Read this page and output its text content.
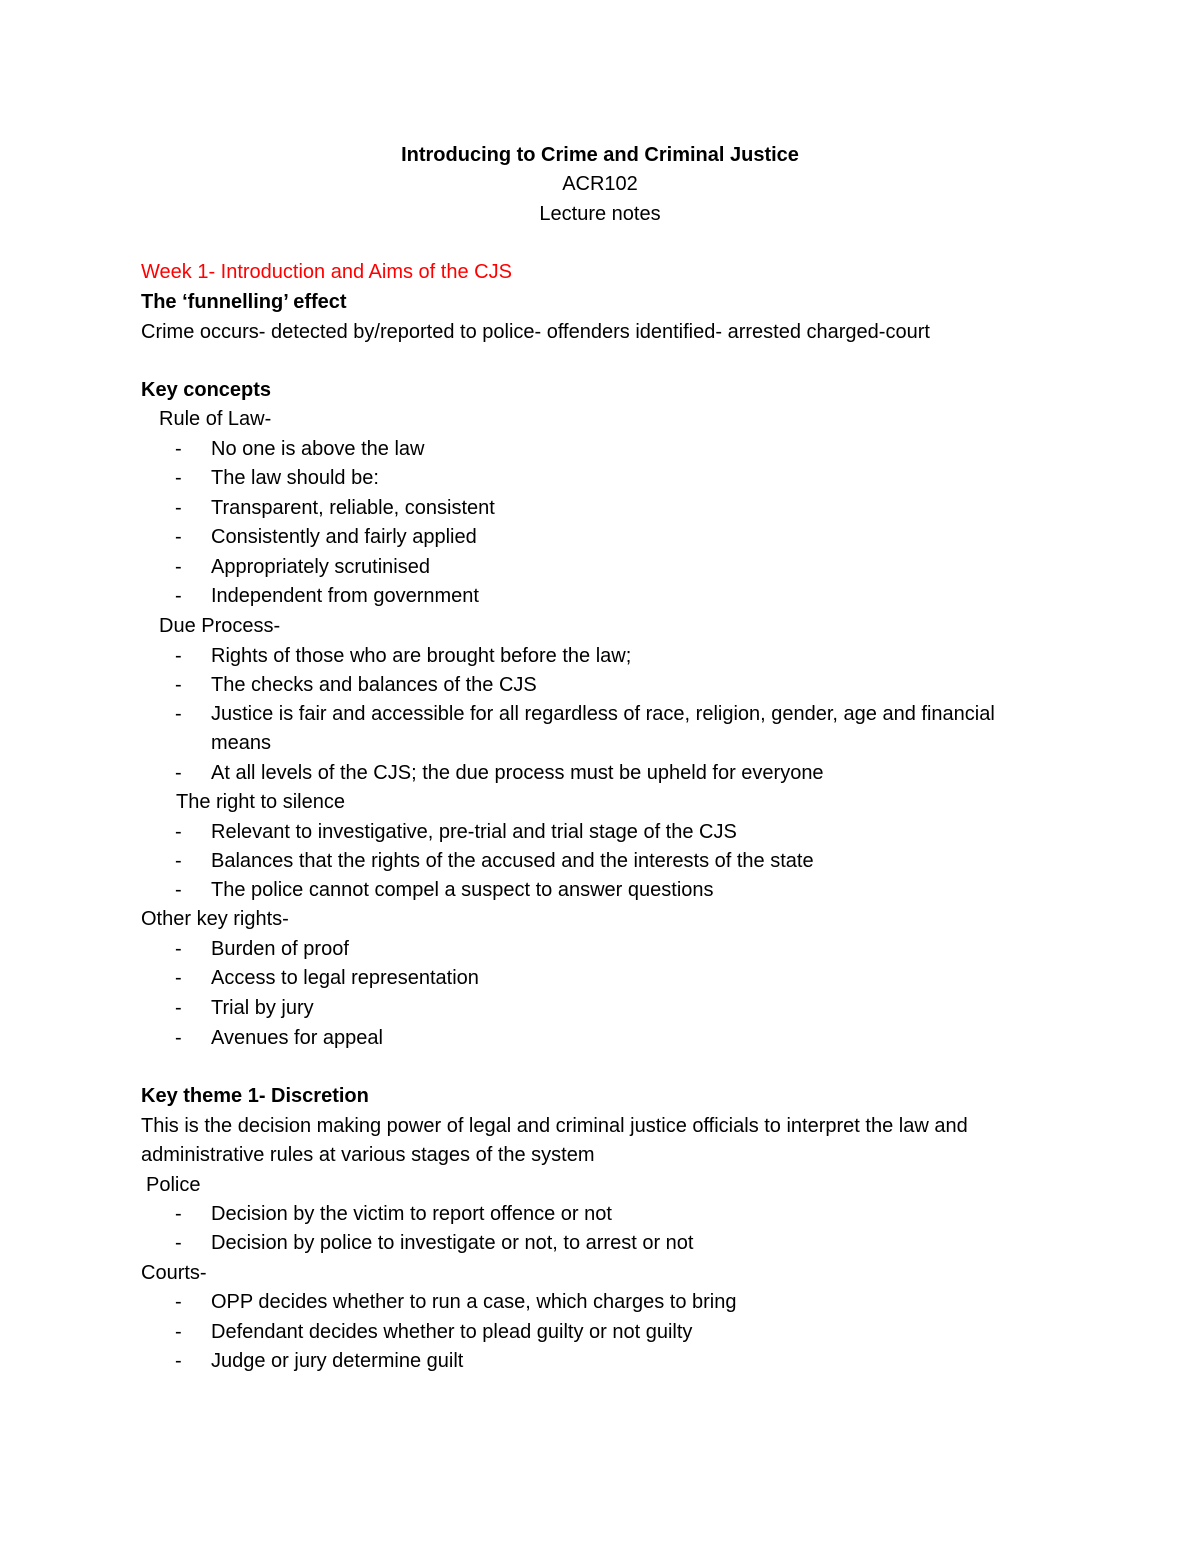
Introducing to Crime and Criminal Justice
ACR102
Lecture notes
Week 1- Introduction and Aims of the CJS
The ‘funnelling’ effect
Crime occurs- detected by/reported to police- offenders identified- arrested charged-court
Key concepts
Rule of Law-
- No one is above the law
- The law should be:
- Transparent, reliable, consistent
- Consistently and fairly applied
- Appropriately scrutinised
- Independent from government
Due Process-
- Rights of those who are brought before the law;
- The checks and balances of the CJS
- Justice is fair and accessible for all regardless of race, religion, gender, age and financial
means
- At all levels of the CJS; the due process must be upheld for everyone
The right to silence
- Relevant to investigative, pre-trial and trial stage of the CJS
- Balances that the rights of the accused and the interests of the state
- The police cannot compel a suspect to answer questions
Other key rights-
- Burden of proof
- Access to legal representation
- Trial by jury
- Avenues for appeal
Key theme 1- Discretion
This is the decision making power of legal and criminal justice officials to interpret the law and
administrative rules at various stages of the system
Police
- Decision by the victim to report offence or not
- Decision by police to investigate or not, to arrest or not
Courts-
- OPP decides whether to run a case, which charges to bring
- Defendant decides whether to plead guilty or not guilty
- Judge or jury determine guilt
